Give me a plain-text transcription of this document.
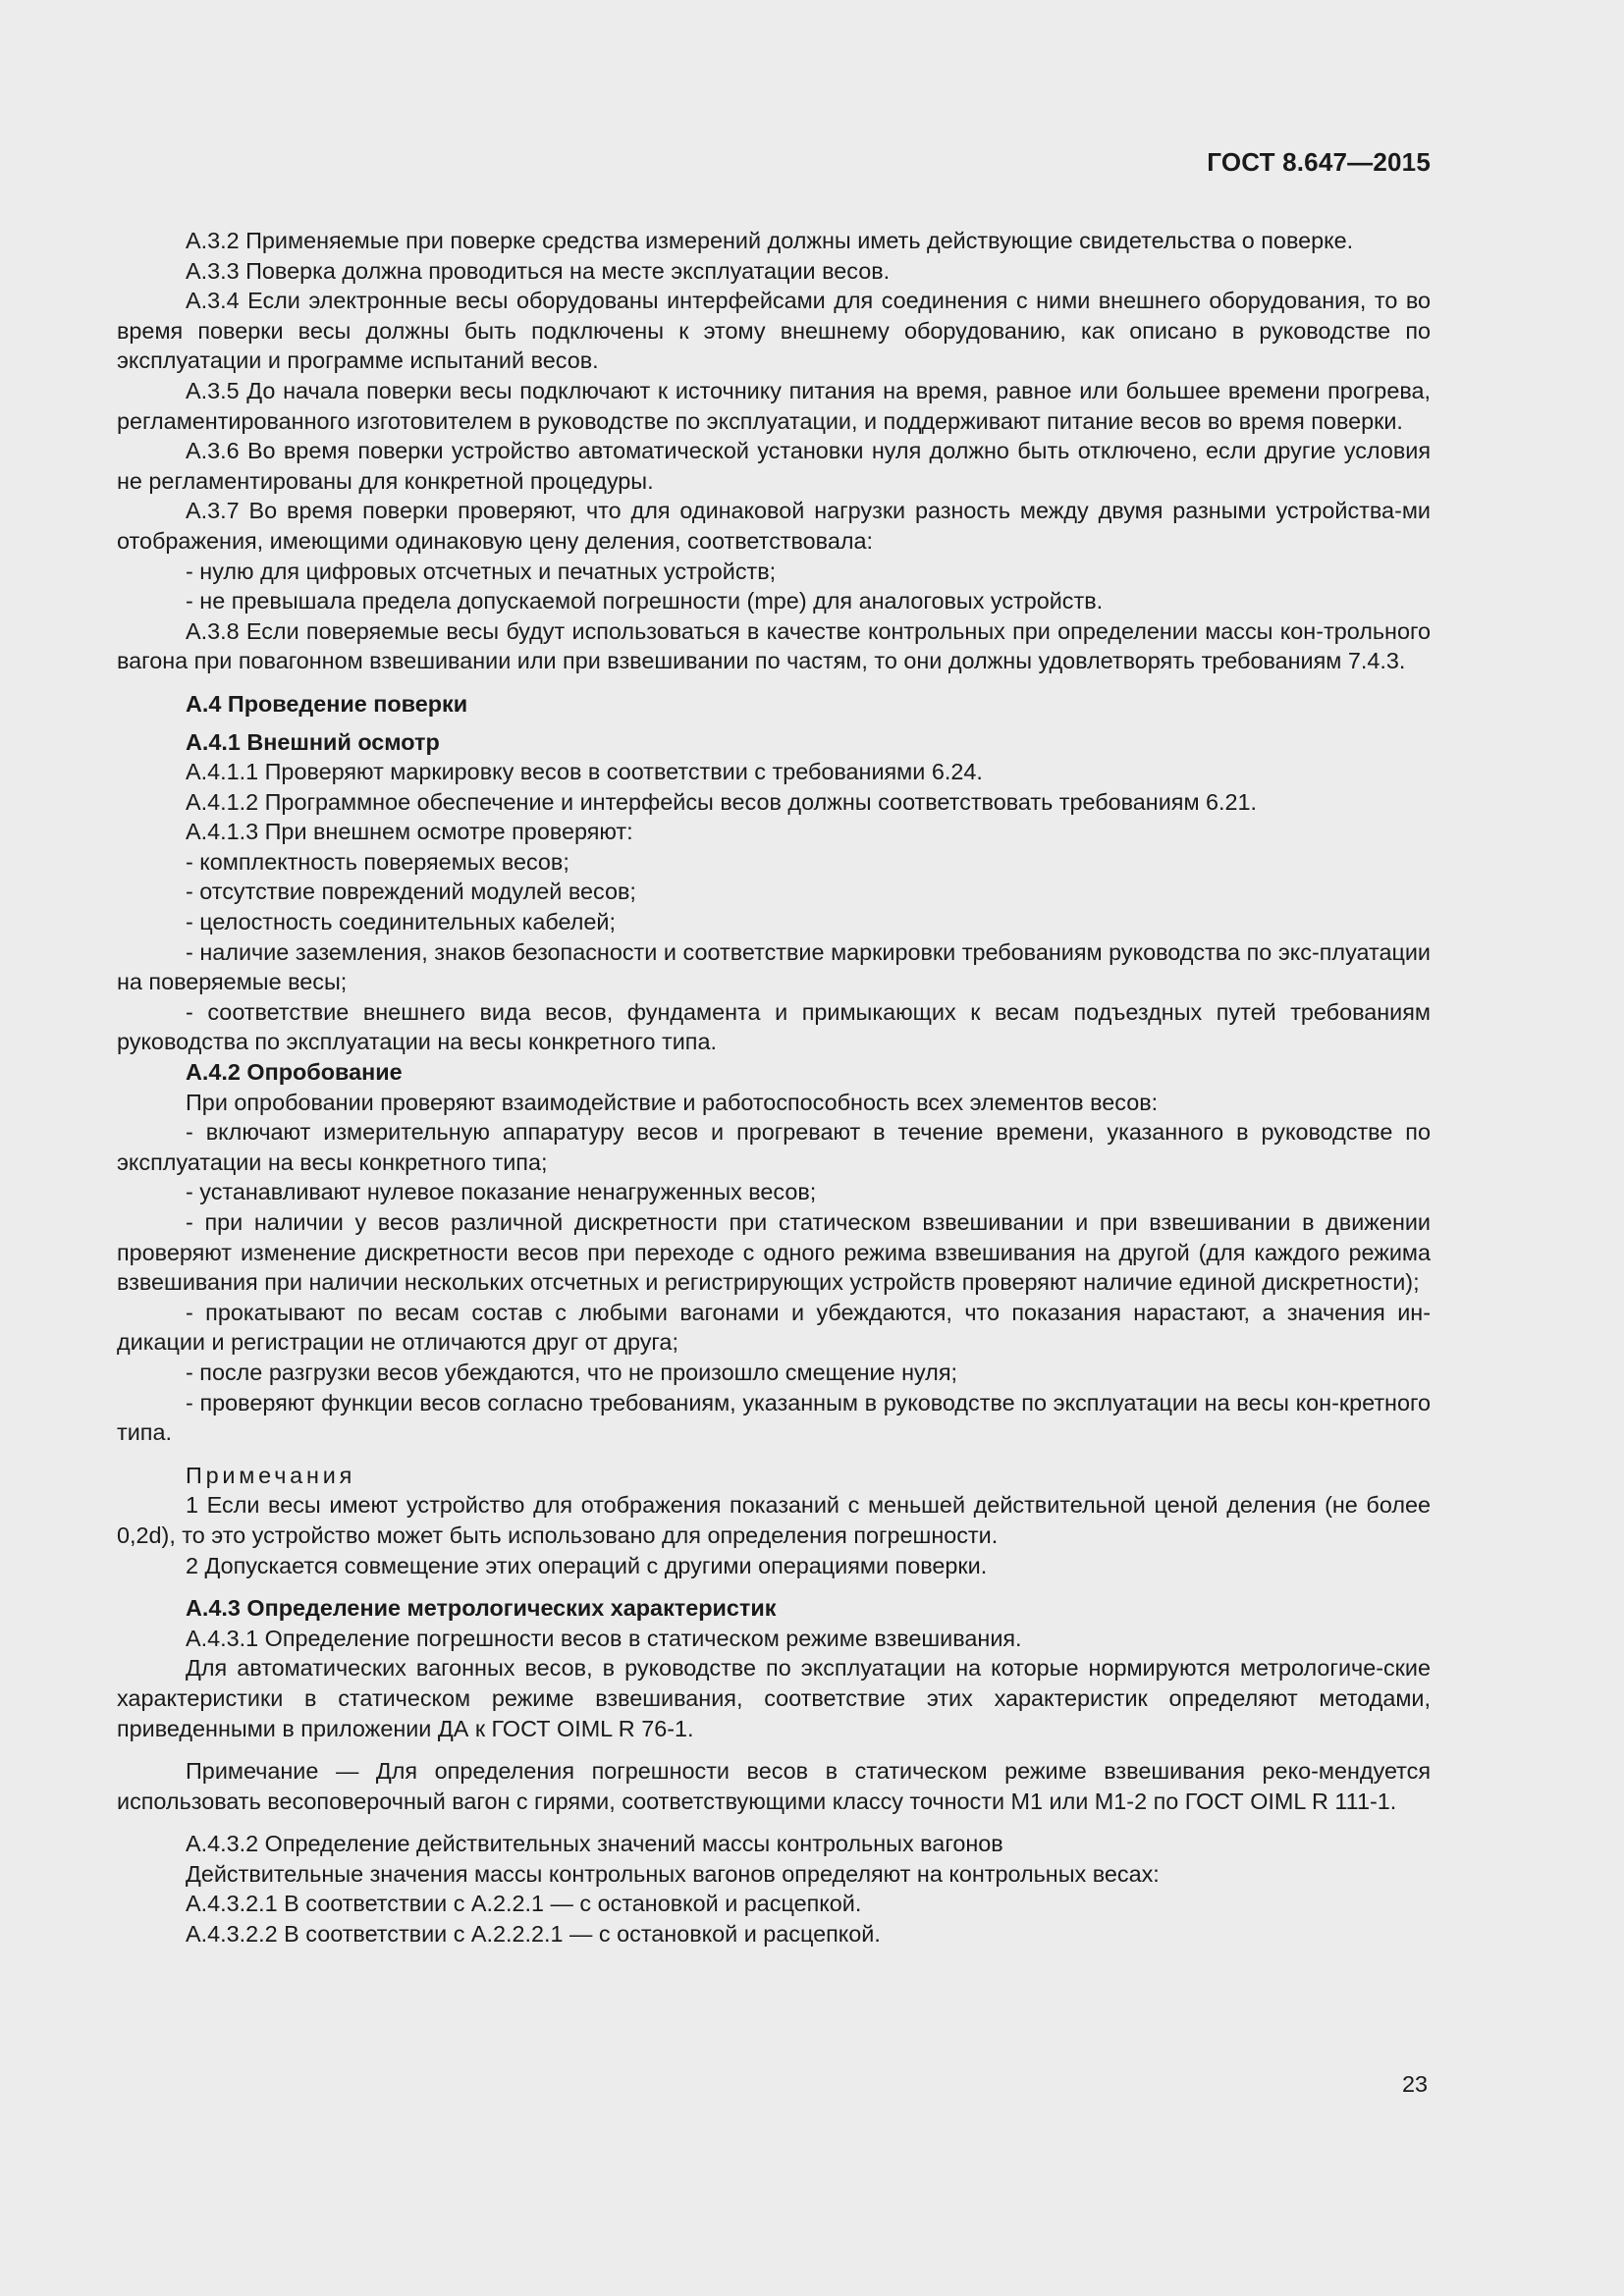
ГОСТ 8.647—2015

А.3.2 Применяемые при поверке средства измерений должны иметь действующие свидетельства о поверке.

А.3.3 Поверка должна проводиться на месте эксплуатации весов.

А.3.4 Если электронные весы оборудованы интерфейсами для соединения с ними внешнего оборудования, то во время поверки весы должны быть подключены к этому внешнему оборудованию, как описано в руководстве по эксплуатации и программе испытаний весов.

А.3.5 До начала поверки весы подключают к источнику питания на время, равное или большее времени прогрева, регламентированного изготовителем в руководстве по эксплуатации, и поддерживают питание весов во время поверки.

А.3.6 Во время поверки устройство автоматической установки нуля должно быть отключено, если другие условия не регламентированы для конкретной процедуры.

А.3.7 Во время поверки проверяют, что для одинаковой нагрузки разность между двумя разными устройства-ми отображения, имеющими одинаковую цену деления, соответствовала:

- нулю для цифровых отсчетных и печатных устройств;

- не превышала предела допускаемой погрешности (mpe) для аналоговых устройств.

А.3.8 Если поверяемые весы будут использоваться в качестве контрольных при определении массы кон-трольного вагона при повагонном взвешивании или при взвешивании по частям, то они должны удовлетворять требованиям 7.4.3.

А.4 Проведение поверки

А.4.1 Внешний осмотр

А.4.1.1 Проверяют маркировку весов в соответствии с требованиями 6.24.

А.4.1.2 Программное обеспечение и интерфейсы весов должны соответствовать требованиям 6.21.

А.4.1.3 При внешнем осмотре проверяют:

- комплектность поверяемых весов;

- отсутствие повреждений модулей весов;

- целостность соединительных кабелей;

- наличие заземления, знаков безопасности и соответствие маркировки требованиям руководства по экс-плуатации на поверяемые весы;

- соответствие внешнего вида весов, фундамента и примыкающих к весам подъездных путей требованиям руководства по эксплуатации на весы конкретного типа.

А.4.2 Опробование

При опробовании проверяют взаимодействие и работоспособность всех элементов весов:

- включают измерительную аппаратуру весов и прогревают в течение времени, указанного в руководстве по эксплуатации на весы конкретного типа;

- устанавливают нулевое показание ненагруженных весов;

- при наличии у весов различной дискретности при статическом взвешивании и при взвешивании в движении проверяют изменение дискретности весов при переходе с одного режима взвешивания на другой (для каждого режима взвешивания при наличии нескольких отсчетных и регистрирующих устройств проверяют наличие единой дискретности);

- прокатывают по весам состав с любыми вагонами и убеждаются, что показания нарастают, а значения ин-дикации и регистрации не отличаются друг от друга;

- после разгрузки весов убеждаются, что не произошло смещение нуля;

- проверяют функции весов согласно требованиям, указанным в руководстве по эксплуатации на весы кон-кретного типа.

Примечания

1 Если весы имеют устройство для отображения показаний с меньшей действительной ценой деления (не более 0,2d), то это устройство может быть использовано для определения погрешности.

2 Допускается совмещение этих операций с другими операциями поверки.

А.4.3 Определение метрологических характеристик

А.4.3.1 Определение погрешности весов в статическом режиме взвешивания.

Для автоматических вагонных весов, в руководстве по эксплуатации на которые нормируются метрологиче-ские характеристики в статическом режиме взвешивания, соответствие этих характеристик определяют методами, приведенными в приложении ДА к ГОСТ OIML R 76-1.

Примечание — Для определения погрешности весов в статическом режиме взвешивания реко-мендуется использовать весоповерочный вагон с гирями, соответствующими классу точности M1 или M1-2 по ГОСТ OIML R 111-1.

А.4.3.2 Определение действительных значений массы контрольных вагонов

Действительные значения массы контрольных вагонов определяют на контрольных весах:

А.4.3.2.1 В соответствии с А.2.2.1 — с остановкой и расцепкой.

А.4.3.2.2 В соответствии с А.2.2.2.1 — с остановкой и расцепкой.

23
